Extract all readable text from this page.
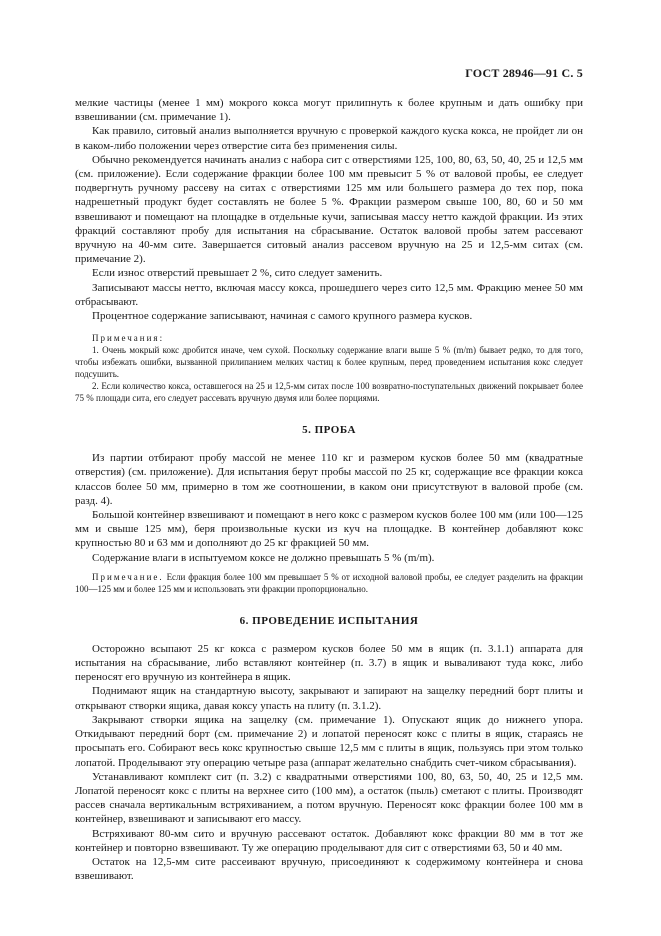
ГОСТ 28946—91 С. 5

мелкие частицы (менее 1 мм) мокрого кокса могут прилипнуть к более крупным и дать ошибку при взвешивании (см. примечание 1).

Как правило, ситовый анализ выполняется вручную с проверкой каждого куска кокса, не пройдет ли он в каком-либо положении через отверстие сита без применения силы.

Обычно рекомендуется начинать анализ с набора сит с отверстиями 125, 100, 80, 63, 50, 40, 25 и 12,5 мм (см. приложение). Если содержание фракции более 100 мм превысит 5 % от валовой пробы, ее следует подвергнуть ручному рассеву на ситах с отверстиями 125 мм или большего размера до тех пор, пока надрешетный продукт будет составлять не более 5 %. Фракции размером свыше 100, 80, 60 и 50 мм взвешивают и помещают на площадке в отдельные кучи, записывая массу нетто каждой фракции. Из этих фракций составляют пробу для испытания на сбрасывание. Остаток валовой пробы затем рассевают вручную на 40-мм сите. Завершается ситовый анализ рассевом вручную на 25 и 12,5-мм ситах (см. примечание 2).

Если износ отверстий превышает 2 %, сито следует заменить.

Записывают массы нетто, включая массу кокса, прошедшего через сито 12,5 мм. Фракцию менее 50 мм отбрасывают.

Процентное содержание записывают, начиная с самого крупного размера кусков.

Примечания:
1. Очень мокрый кокс дробится иначе, чем сухой. Поскольку содержание влаги выше 5 % (m/m) бывает редко, то для того, чтобы избежать ошибки, вызванной прилипанием мелких частиц к более крупным, перед проведением испытания кокс следует подсушить.
2. Если количество кокса, оставшегося на 25 и 12,5-мм ситах после 100 возвратно-поступательных движений покрывает более 75 % площади сита, его следует рассевать вручную двумя или более порциями.
5. ПРОБА

Из партии отбирают пробу массой не менее 110 кг и размером кусков более 50 мм (квадратные отверстия) (см. приложение). Для испытания берут пробы массой по 25 кг, содержащие все фракции кокса классов более 50 мм, примерно в том же соотношении, в каком они присутствуют в валовой пробе (см. разд. 4).

Большой контейнер взвешивают и помещают в него кокс с размером кусков более 100 мм (или 100—125 мм и свыше 125 мм), беря произвольные куски из куч на площадке. В контейнер добавляют кокс крупностью 80 и 63 мм и дополняют до 25 кг фракцией 50 мм.

Содержание влаги в испытуемом коксе не должно превышать 5 % (m/m).

Примечание. Если фракция более 100 мм превышает 5 % от исходной валовой пробы, ее следует разделить на фракции 100—125 мм и более 125 мм и использовать эти фракции пропорционально.
6. ПРОВЕДЕНИЕ ИСПЫТАНИЯ

Осторожно всыпают 25 кг кокса с размером кусков более 50 мм в ящик (п. 3.1.1) аппарата для испытания на сбрасывание, либо вставляют контейнер (п. 3.7) в ящик и вываливают туда кокс, либо переносят его вручную из контейнера в ящик.

Поднимают ящик на стандартную высоту, закрывают и запирают на защелку передний борт плиты и открывают створки ящика, давая коксу упасть на плиту (п. 3.1.2).

Закрывают створки ящика на защелку (см. примечание 1). Опускают ящик до нижнего упора. Откидывают передний борт (см. примечание 2) и лопатой переносят кокс с плиты в ящик, стараясь не просыпать его. Собирают весь кокс крупностью свыше 12,5 мм с плиты в ящик, пользуясь при этом только лопатой. Проделывают эту операцию четыре раза (аппарат желательно снабдить счет-чиком сбрасывания).

Устанавливают комплект сит (п. 3.2) с квадратными отверстиями 100, 80, 63, 50, 40, 25 и 12,5 мм. Лопатой переносят кокс с плиты на верхнее сито (100 мм), а остаток (пыль) сметают с плиты. Производят рассев сначала вертикальным встряхиванием, а потом вручную. Переносят кокс фракции более 100 мм в контейнер, взвешивают и записывают его массу.

Встряхивают 80-мм сито и вручную рассевают остаток. Добавляют кокс фракции 80 мм в тот же контейнер и повторно взвешивают. Ту же операцию проделывают для сит с отверстиями 63, 50 и 40 мм.

Остаток на 12,5-мм сите рассеивают вручную, присоединяют к содержимому контейнера и снова взвешивают.
